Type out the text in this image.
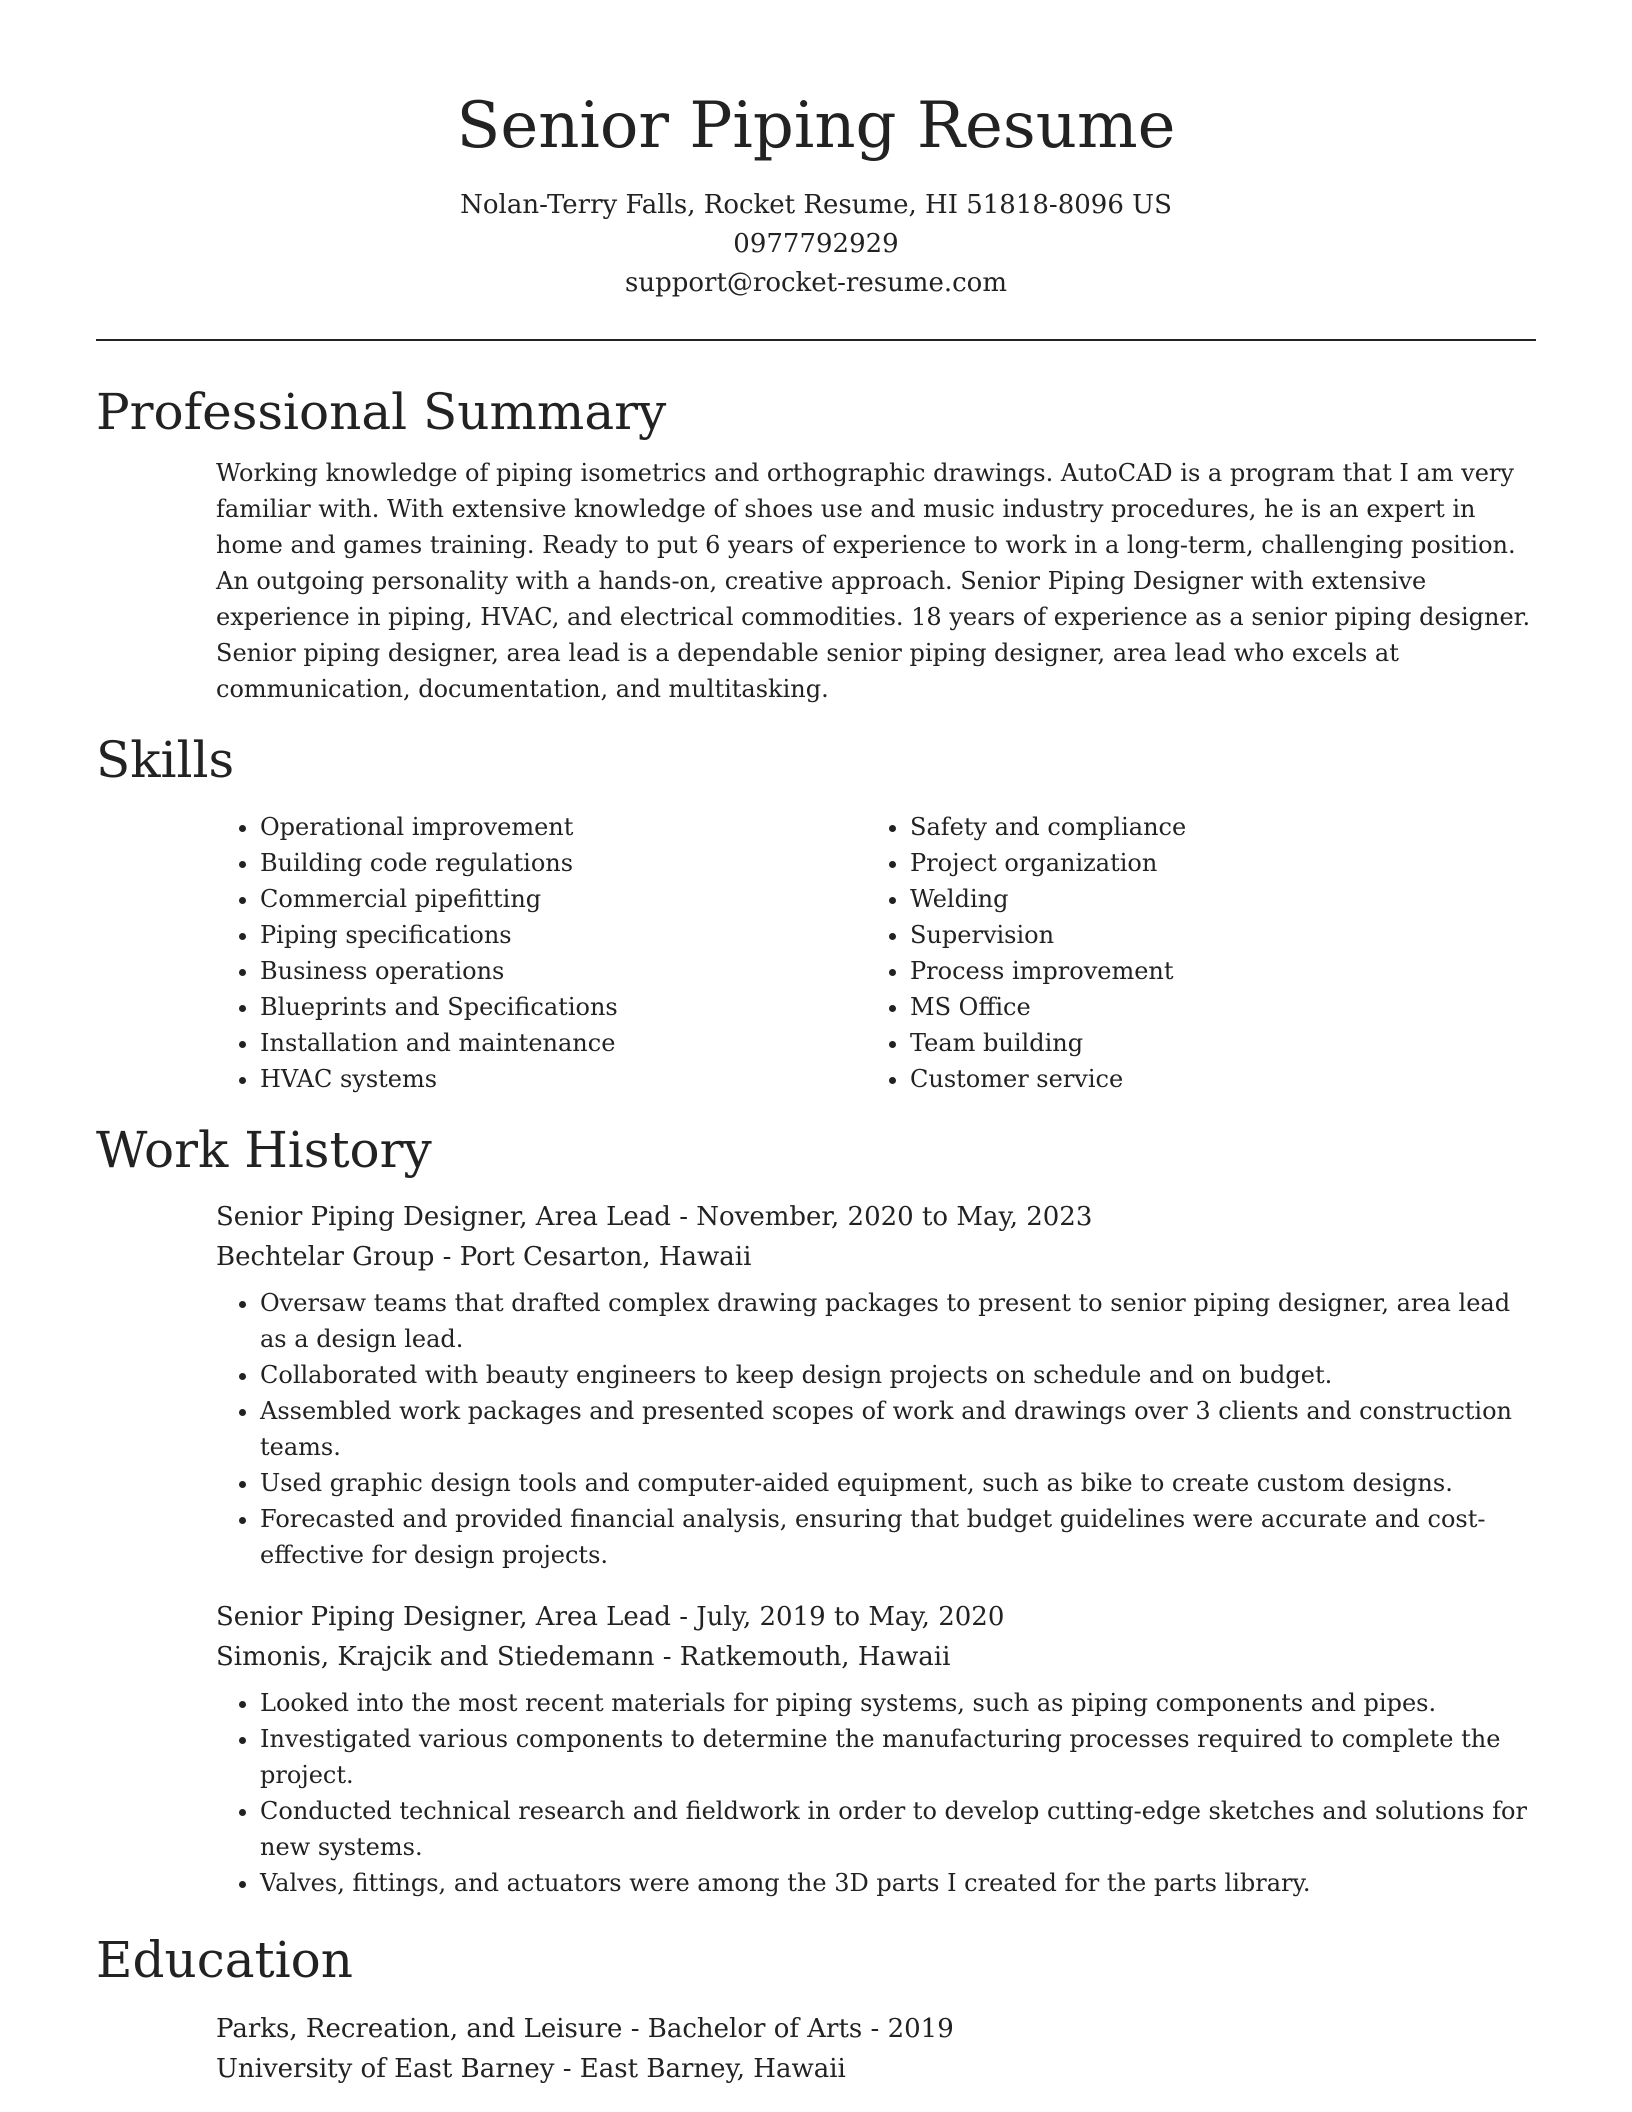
Senior Piping Resume
Nolan-Terry Falls, Rocket Resume, HI 51818-8096 US
0977792929
support@rocket-resume.com
Professional Summary

Working knowledge of piping isometrics and orthographic drawings. AutoCAD is a program that I am very familiar with. With extensive knowledge of shoes use and music industry procedures, he is an expert in home and games training. Ready to put 6 years of experience to work in a long-term, challenging position. An outgoing personality with a hands-on, creative approach. Senior Piping Designer with extensive experience in piping, HVAC, and electrical commodities. 18 years of experience as a senior piping designer. Senior piping designer, area lead is a dependable senior piping designer, area lead who excels at communication, documentation, and multitasking.

Skills
• Operational improvement
• Building code regulations
• Commercial pipefitting
• Piping specifications
• Business operations
• Blueprints and Specifications
• Installation and maintenance
• HVAC systems
• Safety and compliance
• Project organization
• Welding
• Supervision
• Process improvement
• MS Office
• Team building
• Customer service
Work History
Senior Piping Designer, Area Lead - November, 2020 to May, 2023
Bechtelar Group - Port Cesarton, Hawaii
• Oversaw teams that drafted complex drawing packages to present to senior piping designer, area lead as a design lead.
• Collaborated with beauty engineers to keep design projects on schedule and on budget.
• Assembled work packages and presented scopes of work and drawings over 3 clients and construction teams.
• Used graphic design tools and computer-aided equipment, such as bike to create custom designs.
• Forecasted and provided financial analysis, ensuring that budget guidelines were accurate and cost-effective for design projects.
Senior Piping Designer, Area Lead - July, 2019 to May, 2020
Simonis, Krajcik and Stiedemann - Ratkemouth, Hawaii
• Looked into the most recent materials for piping systems, such as piping components and pipes.
• Investigated various components to determine the manufacturing processes required to complete the project.
• Conducted technical research and fieldwork in order to develop cutting-edge sketches and solutions for new systems.
• Valves, fittings, and actuators were among the 3D parts I created for the parts library.
Education
Parks, Recreation, and Leisure - Bachelor of Arts - 2019
University of East Barney - East Barney, Hawaii
